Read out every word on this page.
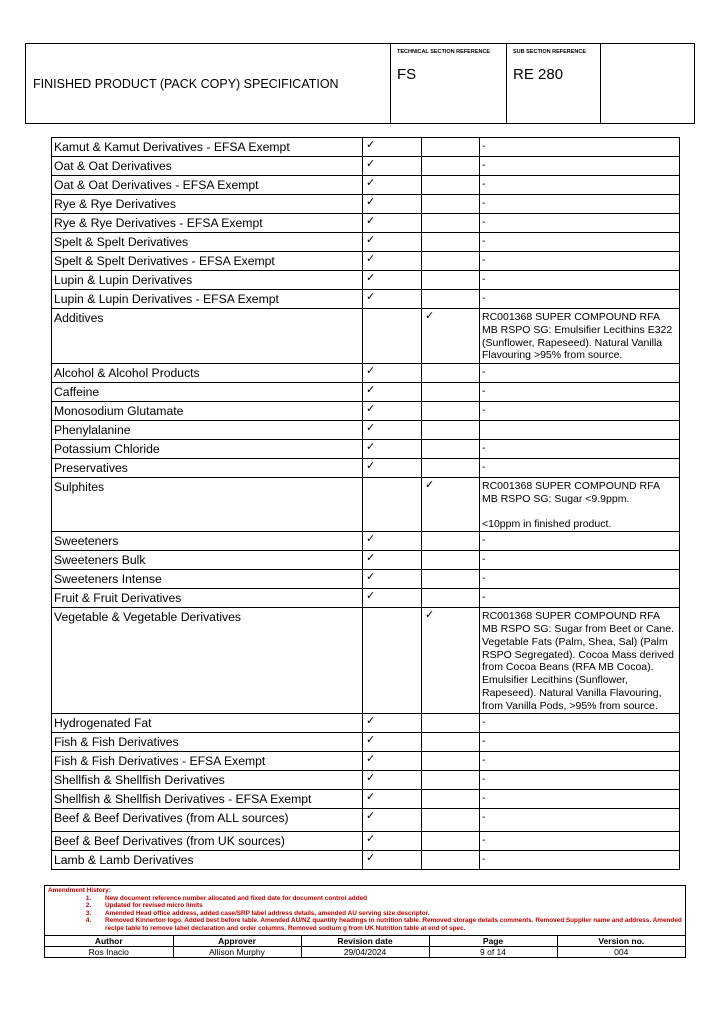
FINISHED PRODUCT (PACK COPY) SPECIFICATION
TECHNICAL SECTION REFERENCE
FS
SUB SECTION REFERENCE
RE 280
Kamut & Kamut Derivatives - EFSA Exempt	✓		-
Oat & Oat Derivatives	✓		-
Oat & Oat Derivatives - EFSA Exempt	✓		-
Rye & Rye Derivatives	✓		-
Rye & Rye Derivatives - EFSA Exempt	✓		-
Spelt & Spelt Derivatives	✓		-
Spelt & Spelt Derivatives - EFSA Exempt	✓		-
Lupin & Lupin Derivatives	✓		-
Lupin & Lupin Derivatives - EFSA Exempt	✓		-
Additives		✓	RC001368 SUPER COMPOUND RFA MB RSPO SG: Emulsifier Lecithins E322 (Sunflower, Rapeseed). Natural Vanilla Flavouring >95% from source.
Alcohol & Alcohol Products	✓		-
Caffeine	✓		-
Monosodium Glutamate	✓		-
Phenylalanine	✓		
Potassium Chloride	✓		-
Preservatives	✓		-
Sulphites		✓	RC001368 SUPER COMPOUND RFA MB RSPO SG: Sugar <9.9ppm.

<10ppm in finished product.
Sweeteners	✓		-
Sweeteners Bulk	✓		-
Sweeteners Intense	✓		-
Fruit & Fruit Derivatives	✓		-
Vegetable & Vegetable Derivatives		✓	RC001368 SUPER COMPOUND RFA MB RSPO SG: Sugar from Beet or Cane. Vegetable Fats (Palm, Shea, Sal) (Palm RSPO Segregated). Cocoa Mass derived from Cocoa Beans (RFA MB Cocoa). Emulsifier Lecithins (Sunflower, Rapeseed). Natural Vanilla Flavouring, from Vanilla Pods, >95% from source.
Hydrogenated Fat	✓		-
Fish & Fish Derivatives	✓		-
Fish & Fish Derivatives - EFSA Exempt	✓		-
Shellfish & Shellfish Derivatives	✓		-
Shellfish & Shellfish Derivatives - EFSA Exempt	✓		-
Beef & Beef Derivatives (from ALL sources)	✓		-
Beef & Beef Derivatives (from UK sources)	✓		-
Lamb & Lamb Derivatives	✓		-
Amendment History:
1. New document reference number allocated and fixed date for document control added
2. Updated for revised micro limits
3. Amended Head office address, added case/SRP label address details, amended AU serving size descriptor.
4. Removed Kinnerton logo. Added best before table. Amended AU/NZ quantity headings in nutrition table. Removed storage details comments. Removed Supplier name and address. Amended recipe table to remove label declaration and order columns. Removed sodium g from UK Nutrition table at end of spec.
Author	Approver	Revision date	Page	Version no.
Ros Inacio	Allison Murphy	29/04/2024	9 of 14	004
